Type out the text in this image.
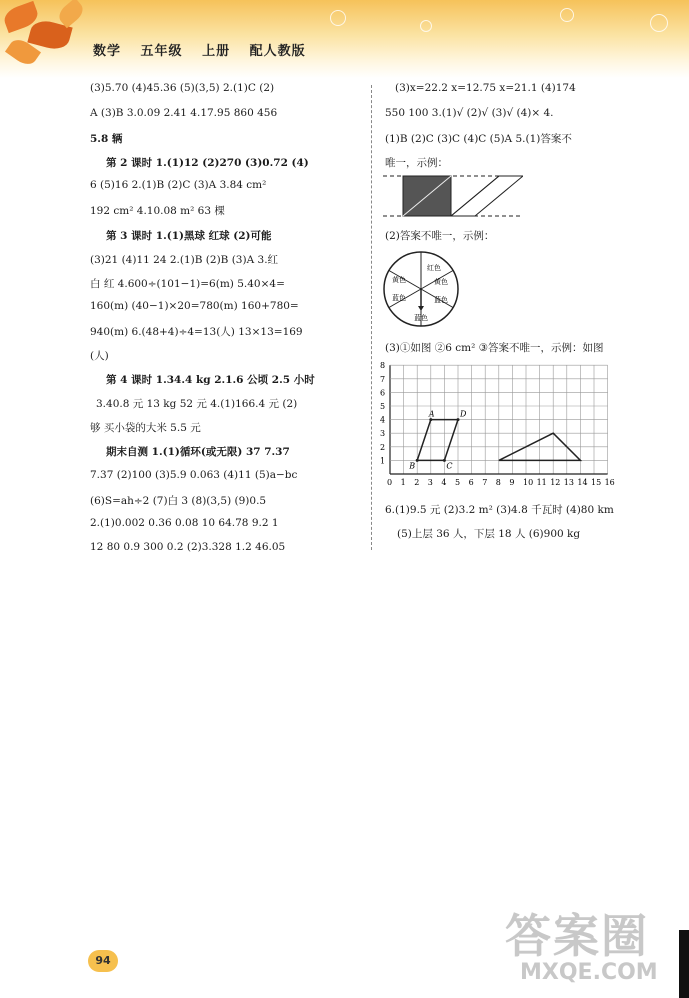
数学 五年级 上册 配人教版
(3)5.70 (4)45.36 (5)(3,5) 2.(1)C (2)
A (3)B 3.0.09 2.41 4.17.95 860 456
5.8 辆
第 2 课时 1.(1)12 (2)270 (3)0.72 (4)
6 (5)16 2.(1)B (2)C (3)A 3.84 cm²
192 cm² 4.10.08 m² 63 棵
第 3 课时 1.(1)黑球 红球 (2)可能
(3)21 (4)11 24 2.(1)B (2)B (3)A 3.红
白 红 4.600÷(101−1)=6(m) 5.40×4=
160(m) (40−1)×20=780(m) 160+780=
940(m) 6.(48+4)÷4=13(人) 13×13=169
(人)
第 4 课时 1.34.4 kg 2.1.6 公顷 2.5 小时
3.40.8 元 13 kg 52 元 4.(1)166.4 元 (2)
够 买小袋的大米 5.5 元
期末自测 1.(1)循环(或无限) 37 7.37
7.37 (2)100 (3)5.9 0.063 (4)11 (5)a−bc
(6)S=ah÷2 (7)白 3 (8)(3,5) (9)0.5
2.(1)0.002 0.36 0.08 10 64.78 9.2 1
12 80 0.9 300 0.2 (2)3.328 1.2 46.05
(3)x=22.2 x=12.75 x=21.1 (4)174
550 100 3.(1)√ (2)√ (3)√ (4)× 4.
(1)B (2)C (3)C (4)C (5)A 5.(1)答案不
唯一，示例：
(2)答案不唯一，示例：
红色
黄色	黄色
蓝色	蓝色
蓝色
(3)①如图 ②6 cm² ③答案不唯一，示例：如图
0 1 2 3 4 5 6 7 8 9 10 11 12 13 14 15 16
1
2
3
4
5
6
7
8
A	D
B	C
6.(1)9.5 元 (2)3.2 m² (3)4.8 千瓦时 (4)80 km
(5)上层 36 人，下层 18 人 (6)900 kg
94	答案圈
MXQE.COM
